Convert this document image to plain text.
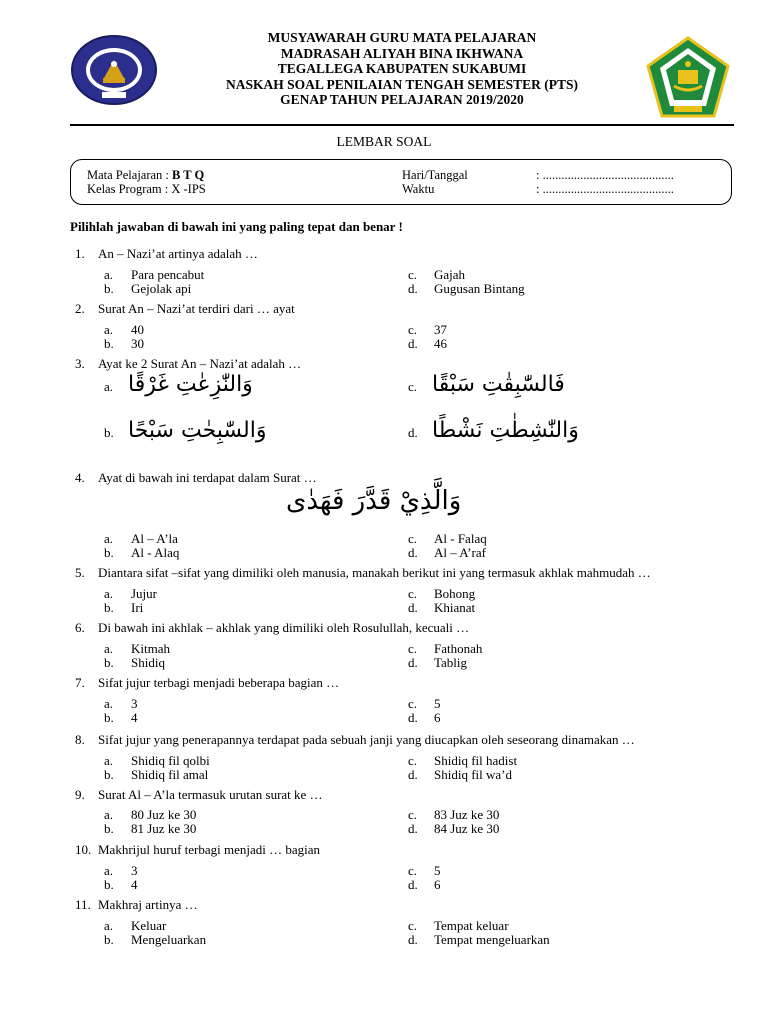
MUSYAWARAH GURU MATA PELAJARAN
MADRASAH ALIYAH BINA IKHWANA
TEGALLEGA KABUPATEN SUKABUMI
NASKAH SOAL PENILAIAN TENGAH SEMESTER (PTS)
GENAP TAHUN PELAJARAN 2019/2020
LEMBAR SOAL
Mata Pelajaran : B T Q
Kelas Program : X -IPS
Hari/Tanggal	: ..........................................
Waktu	: ..........................................
Pilihlah jawaban di bawah ini yang paling tepat dan benar !
1. An – Nazi’at artinya adalah …
2. Surat An – Nazi’at terdiri dari … ayat
3. Ayat ke 2 Surat An – Nazi’at adalah …
4. Ayat di bawah ini terdapat dalam Surat …
5. Diantara sifat –sifat yang dimiliki oleh manusia, manakah berikut ini yang termasuk akhlak mahmudah …
6. Di bawah ini akhlak – akhlak yang dimiliki oleh Rosulullah, kecuali …
7. Sifat jujur terbagi menjadi beberapa bagian …
8. Sifat jujur yang penerapannya terdapat pada sebuah janji yang diucapkan oleh seseorang dinamakan …
9. Surat Al – A’la termasuk urutan surat ke …
10. Makhrijul huruf terbagi menjadi … bagian
11. Makhraj artinya …
a. Para pencabut
b. Gejolak api
c. Gajah
d. Gugusan Bintang
a. 40
b. 30
c. 37
d. 46
a. وَالنّٰزِعٰتِ غَرْقًا
b. وَالسّٰبِحٰتِ سَبْحًا
c. فَالسّٰبِقٰتِ سَبْقًا
d. وَالنّٰشِطٰتِ نَشْطًا
وَالَّذِيْ قَدَّرَ فَهَدٰى
a. Al – A’la
b. Al - Alaq
c. Al - Falaq
d. Al – A’raf
a. Jujur
b. Iri
c. Bohong
d. Khianat
a. Kitmah
b. Shidiq
c. Fathonah
d. Tablig
a. 3
b. 4
c. 5
d. 6
a. Shidiq fil qolbi
b. Shidiq fil amal
c. Shidiq fil hadist
d. Shidiq fil wa’d
a. 80 Juz ke 30
b. 81 Juz ke 30
c. 83 Juz ke 30
d. 84 Juz ke 30
a. 3
b. 4
c. 5
d. 6
a. Keluar
b. Mengeluarkan
c. Tempat keluar
d. Tempat mengeluarkan
